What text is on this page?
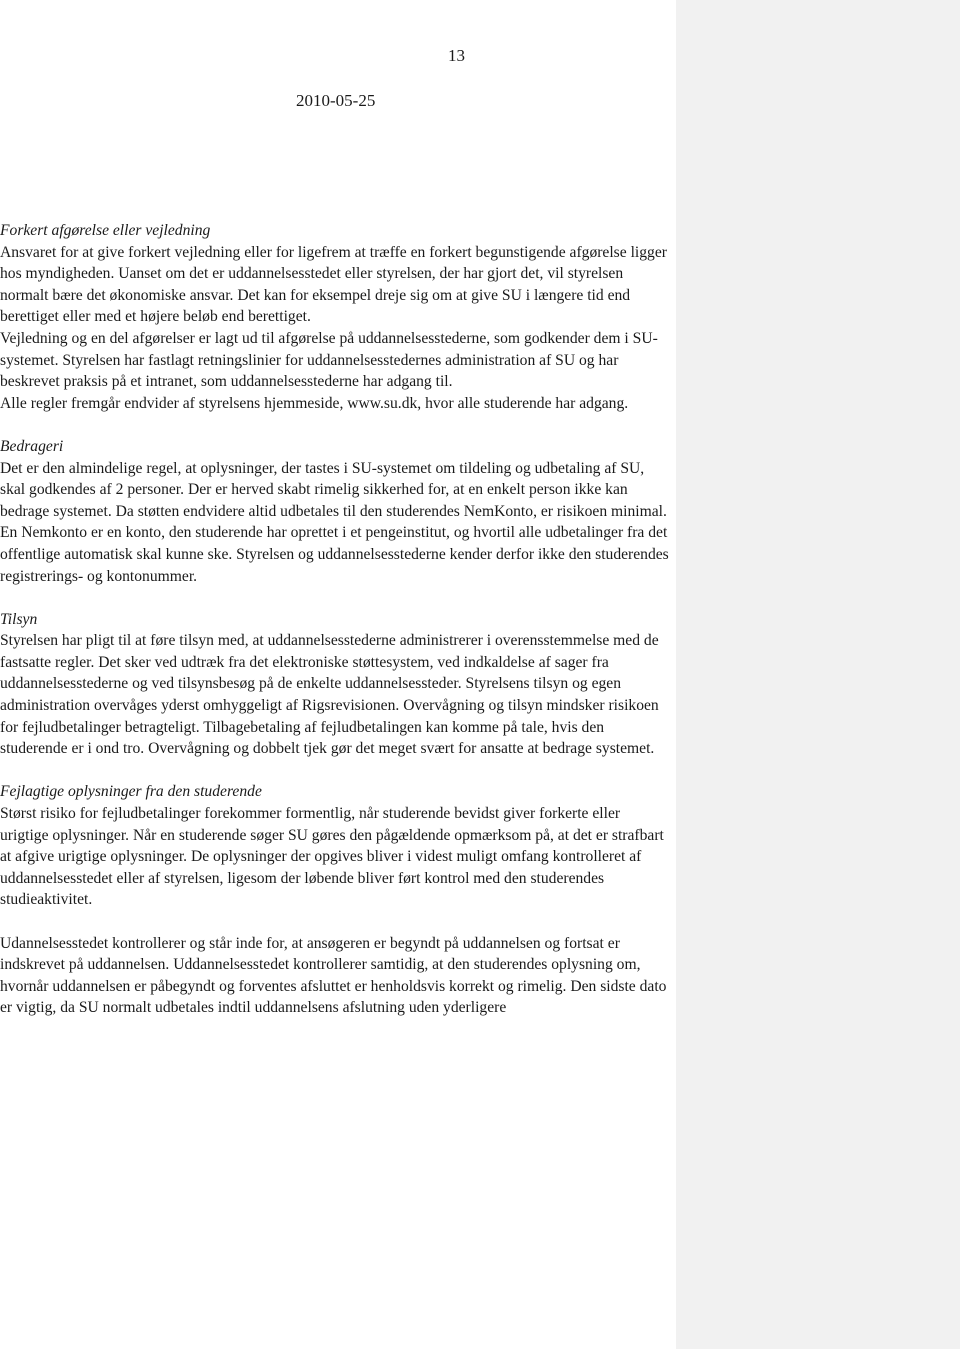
13
2010-05-25
Forkert afgørelse eller vejledning

Ansvaret for at give forkert vejledning eller for ligefrem at træffe en forkert begunstigende afgørelse ligger hos myndigheden. Uanset om det er uddannelsesstedet eller styrelsen, der har gjort det, vil styrelsen normalt bære det økonomiske ansvar. Det kan for eksempel dreje sig om at give SU i længere tid end berettiget eller med et højere beløb end berettiget.

Vejledning og en del afgørelser er lagt ud til afgørelse på uddannelsesstederne, som godkender dem i SU-systemet. Styrelsen har fastlagt retningslinier for uddannelsesstedernes administration af SU og har beskrevet praksis på et intranet, som uddannelsesstederne har adgang til.

Alle regler fremgår endvider af styrelsens hjemmeside, www.su.dk, hvor alle studerende har adgang.

Bedrageri

Det er den almindelige regel, at oplysninger, der tastes i SU-systemet om tildeling og udbetaling af SU, skal godkendes af 2 personer. Der er herved skabt rimelig sikkerhed for, at en enkelt person ikke kan bedrage systemet. Da støtten endvidere altid udbetales til den studerendes NemKonto, er risikoen minimal. En Nemkonto er en konto, den studerende har oprettet i et pengeinstitut, og hvortil alle udbetalinger fra det offentlige automatisk skal kunne ske. Styrelsen og uddannelsesstederne kender derfor ikke den studerendes registrerings- og kontonummer.

Tilsyn

Styrelsen har pligt til at føre tilsyn med, at uddannelsesstederne administrerer i overensstemmelse med de fastsatte regler. Det sker ved udtræk fra det elektroniske støttesystem, ved indkaldelse af sager fra uddannelsesstederne og ved tilsynsbesøg på de enkelte uddannelsessteder. Styrelsens tilsyn og egen administration overvåges yderst omhyggeligt af Rigsrevisionen. Overvågning og tilsyn mindsker risikoen for fejludbetalinger betragteligt. Tilbagebetaling af fejludbetalingen kan komme på tale, hvis den studerende er i ond tro. Overvågning og dobbelt tjek gør det meget svært for ansatte at bedrage systemet.

Fejlagtige oplysninger fra den studerende

Størst risiko for fejludbetalinger forekommer formentlig, når studerende bevidst giver forkerte eller urigtige oplysninger. Når en studerende søger SU gøres den pågældende opmærksom på, at det er strafbart at afgive urigtige oplysninger. De oplysninger der opgives bliver i videst muligt omfang kontrolleret af uddannelsesstedet eller af styrelsen, ligesom der løbende bliver ført kontrol med den studerendes studieaktivitet.

Udannelsesstedet kontrollerer og står inde for, at ansøgeren er begyndt på uddannelsen og fortsat er indskrevet på uddannelsen. Uddannelsesstedet kontrollerer samtidig, at den studerendes oplysning om, hvornår uddannelsen er påbegyndt og forventes afsluttet er henholdsvis korrekt og rimelig. Den sidste dato er vigtig, da SU normalt udbetales indtil uddannelsens afslutning uden yderligere
